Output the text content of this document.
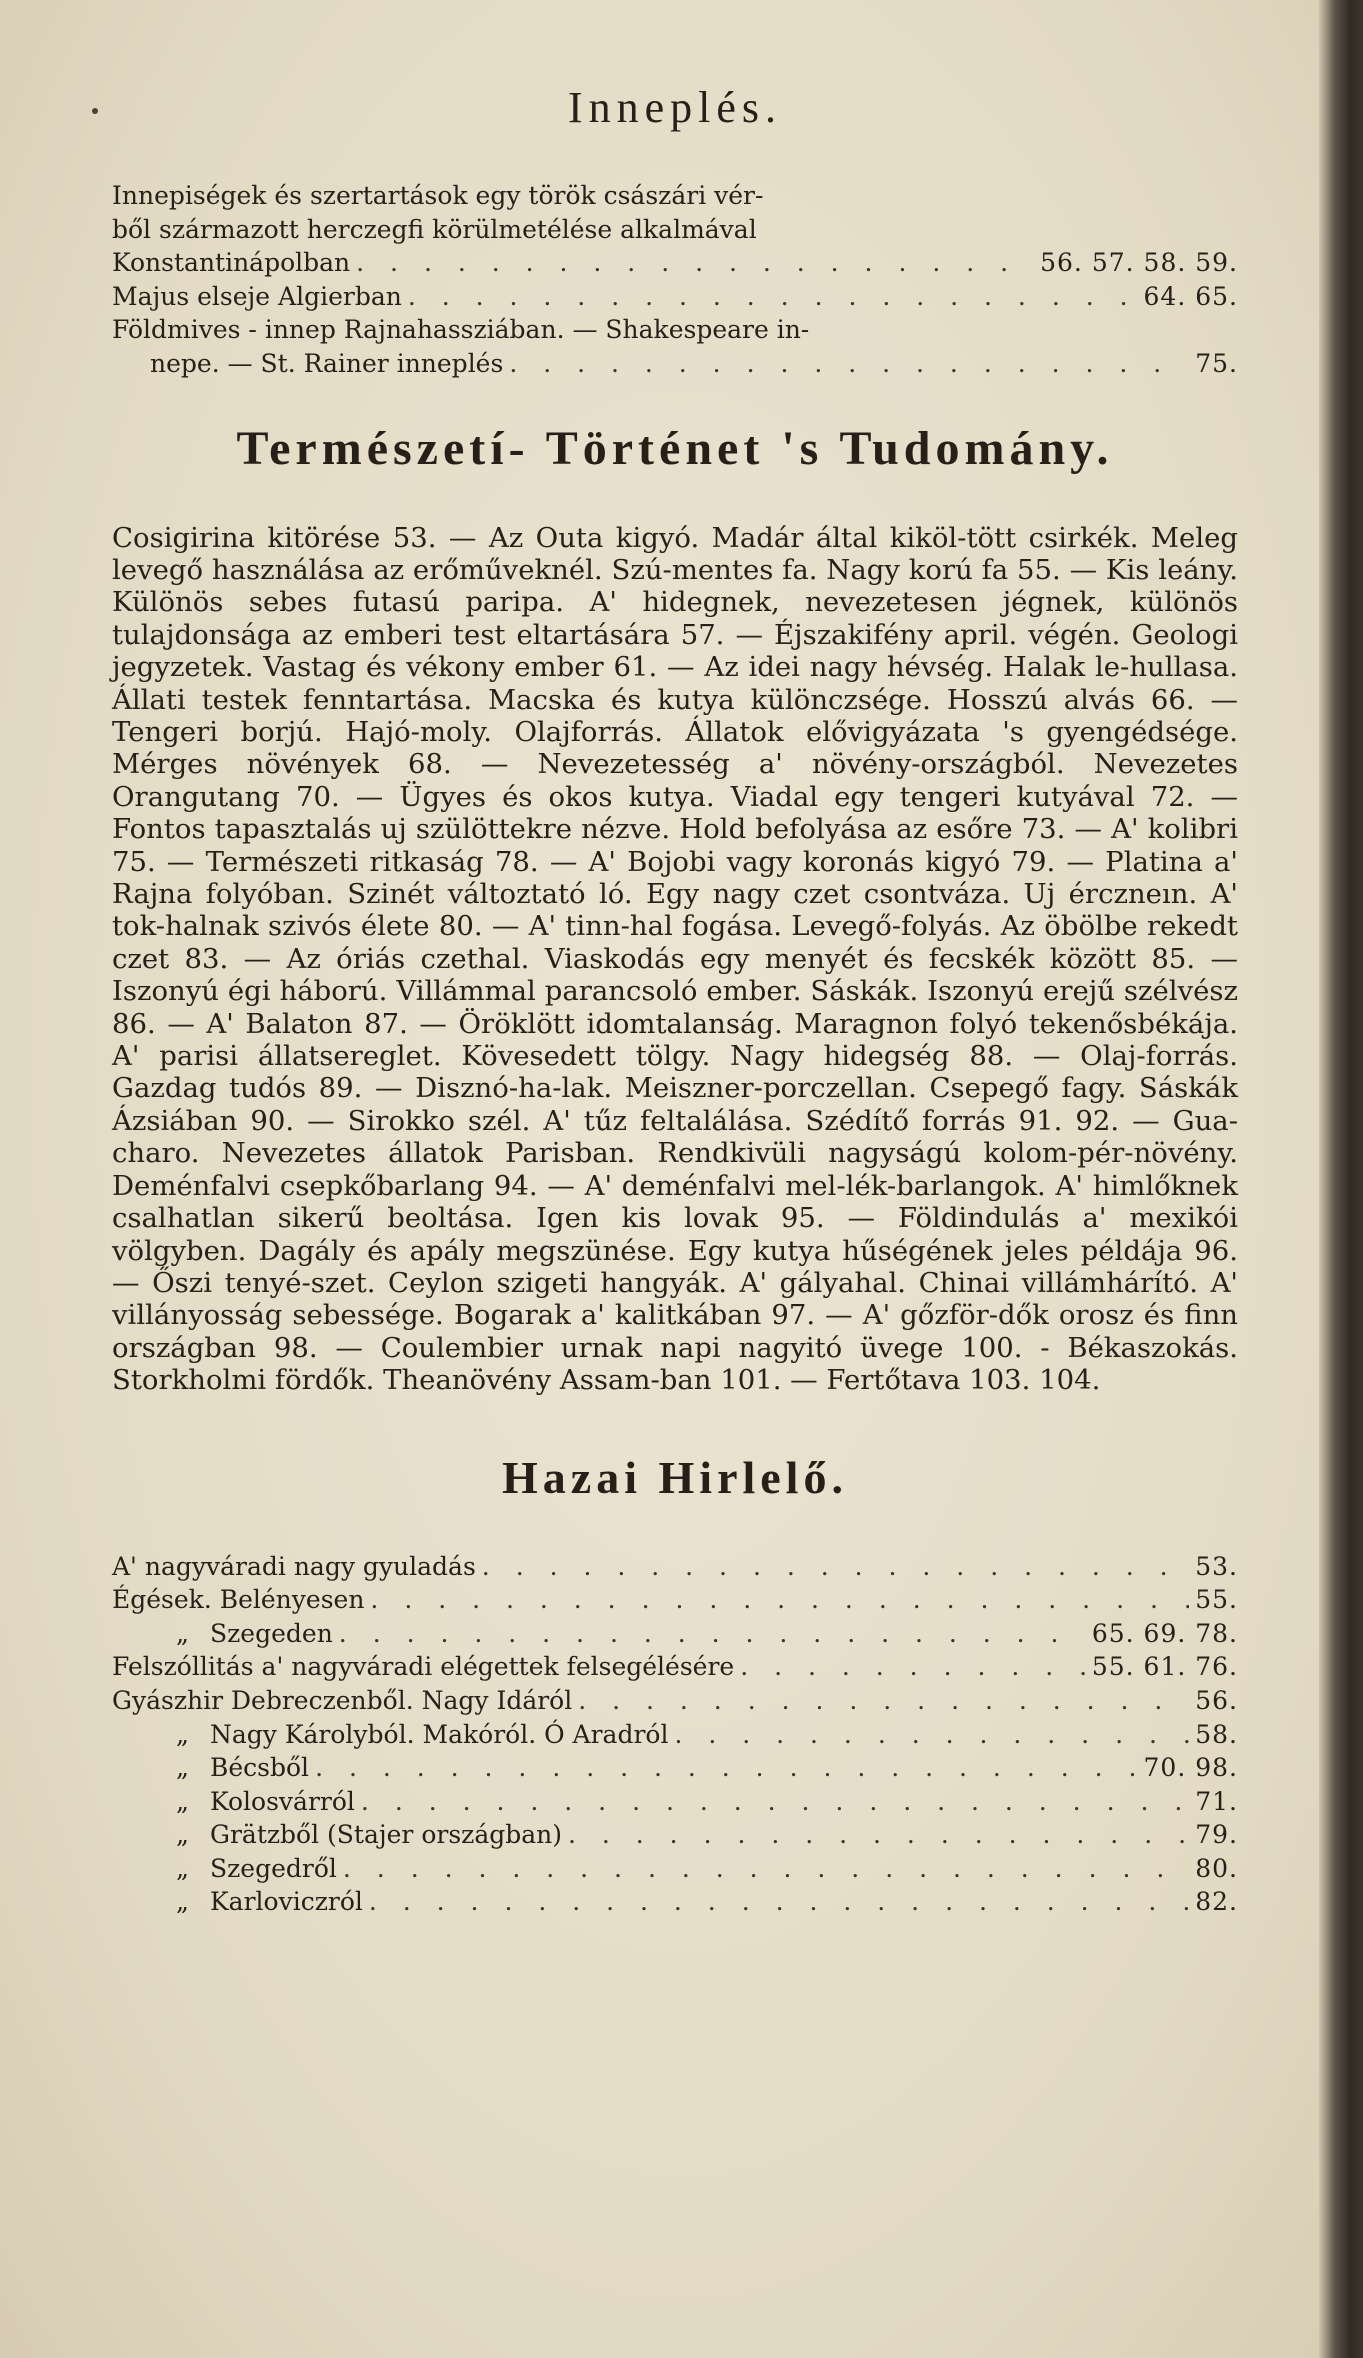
Inneplés.
Innepiségek és szertartások egy török császári vér-
ből származott herczegfi körülmetélése alkalmával
Konstantinápolban . . .	56. 57. 58. 59.
Majus elseje Algierban . . .	64. 65.
Földmives - innep Rajnahassziában. — Shakespeare in-
nepe. — St. Rainer inneplés . . .	75.
Természetí- Történet 's Tudomány.

Cosigirina kitörése 53. — Az Outa kigyó. Madár által kiköl-tött csirkék. Meleg levegő használása az erőműveknél. Szú-mentes fa. Nagy korú fa 55. — Kis leány. Különös sebes futasú paripa. A' hidegnek, nevezetesen jégnek, különös tulajdonsága az emberi test eltartására 57. — Éjszakifény april. végén. Geologi jegyzetek. Vastag és vékony ember 61. — Az idei nagy hévség. Halak le-hullasa. Állati testek fenntartása. Macska és kutya különczsége. Hosszú alvás 66. — Tengeri borjú. Hajó-moly. Olajforrás. Állatok elővigyázata 's gyengédsége. Mérges növények 68. — Nevezetesség a' növény-országból. Nevezetes Orangutang 70. — Ügyes és okos kutya. Viadal egy tengeri kutyával 72. — Fontos tapasztalás uj szülöttekre nézve. Hold befolyása az esőre 73. — A' kolibri 75. — Természeti ritkaság 78. — A' Bojobi vagy koronás kigyó 79. — Platina a' Rajna folyóban. Szinét változtató ló. Egy nagy czet csontváza. Uj érczneın. A' tok-halnak szivós élete 80. — A' tinn-hal fogása. Levegő-folyás. Az öbölbe rekedt czet 83. — Az óriás czethal. Viaskodás egy menyét és fecskék között 85. — Iszonyú égi háború. Villámmal parancsoló ember. Sáskák. Iszonyú erejű szélvész 86. — A' Balaton 87. — Öröklött idomtalanság. Maragnon folyó tekenősbékája. A' parisi állatsereglet. Kövesedett tölgy. Nagy hidegség 88. — Olaj-forrás. Gazdag tudós 89. — Disznó-ha-lak. Meiszner-porczellan. Csepegő fagy. Sáskák Ázsiában 90. — Sirokko szél. A' tűz feltalálása. Szédítő forrás 91. 92. — Gua-charo. Nevezetes állatok Parisban. Rendkivüli nagyságú kolom-pér-növény. Deménfalvi csepkőbarlang 94. — A' deménfalvi mel-lék-barlangok. A' himlőknek csalhatlan sikerű beoltása. Igen kis lovak 95. — Földindulás a' mexikói völgyben. Dagály és apály megszünése. Egy kutya hűségének jeles példája 96. — Őszi tenyé-szet. Ceylon szigeti hangyák. A' gályahal. Chinai villámhárító. A' villányosság sebessége. Bogarak a' kalitkában 97. — A' gőzför-dők orosz és finn országban 98. — Coulembier urnak napi nagyitó üvege 100. - Békaszokás. Storkholmi fördők. Theanövény Assam-ban 101. — Fertőtava 103. 104.

Hazai Hirlelő.
A' nagyváradi nagy gyuladás . . .	53.
Égések. Belényesen . . .	55.
„ Szegeden . . .	65. 69. 78.
Felszóllitás a' nagyváradi elégettek felsegélésére . . .	55. 61. 76.
Gyászhir Debreczenből. Nagy Idáról . . .	56.
„ Nagy Károlyból. Makóról. Ó Aradról . . .	58.
„ Bécsből . . .	70. 98.
„ Kolosvárról . . .	71.
„ Grätzből (Stajer országban) . . .	79.
„ Szegedről . . .	80.
„ Karloviczról . . .	82.
